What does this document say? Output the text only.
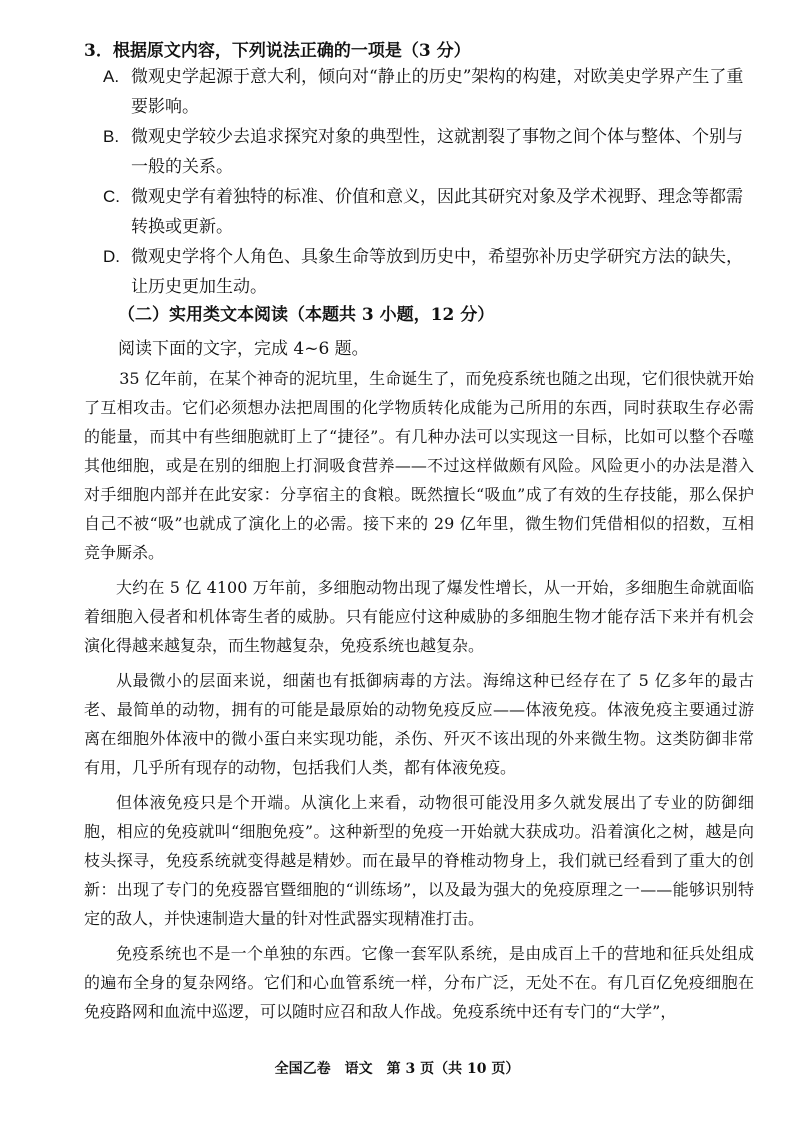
3．根据原文内容，下列说法正确的一项是（3 分）
A. 微观史学起源于意大利，倾向对“静止的历史”架构的构建，对欧美史学界产生了重要影响。
B. 微观史学较少去追求探究对象的典型性，这就割裂了事物之间个体与整体、个别与一般的关系。
C. 微观史学有着独特的标准、价值和意义，因此其研究对象及学术视野、理念等都需转换或更新。
D. 微观史学将个人角色、具象生命等放到历史中，希望弥补历史学研究方法的缺失，让历史更加生动。
（二）实用类文本阅读（本题共 3 小题，12 分）
阅读下面的文字，完成 4~6 题。

35 亿年前，在某个神奇的泥坑里，生命诞生了，而免疫系统也随之出现，它们很快就开始了互相攻击。它们必须想办法把周围的化学物质转化成能为己所用的东西，同时获取生存必需的能量，而其中有些细胞就盯上了“捷径”。有几种办法可以实现这一目标，比如可以整个吞噬其他细胞，或是在别的细胞上打洞吸食营养——不过这样做颇有风险。风险更小的办法是潜入对手细胞内部并在此安家：分享宿主的食粮。既然擅长“吸血”成了有效的生存技能，那么保护自己不被“吸”也就成了演化上的必需。接下来的 29 亿年里，微生物们凭借相似的招数，互相竞争厮杀。

大约在 5 亿 4100 万年前，多细胞动物出现了爆发性增长，从一开始，多细胞生命就面临着细胞入侵者和机体寄生者的威胁。只有能应付这种威胁的多细胞生物才能存活下来并有机会演化得越来越复杂，而生物越复杂，免疫系统也越复杂。

从最微小的层面来说，细菌也有抵御病毒的方法。海绵这种已经存在了 5 亿多年的最古老、最简单的动物，拥有的可能是最原始的动物免疫反应——体液免疫。体液免疫主要通过游离在细胞外体液中的微小蛋白来实现功能，杀伤、歼灭不该出现的外来微生物。这类防御非常有用，几乎所有现存的动物，包括我们人类，都有体液免疫。

但体液免疫只是个开端。从演化上来看，动物很可能没用多久就发展出了专业的防御细胞，相应的免疫就叫“细胞免疫”。这种新型的免疫一开始就大获成功。沿着演化之树，越是向枝头探寻，免疫系统就变得越是精妙。而在最早的脊椎动物身上，我们就已经看到了重大的创新：出现了专门的免疫器官暨细胞的“训练场”，以及最为强大的免疫原理之一——能够识别特定的敌人，并快速制造大量的针对性武器实现精准打击。

免疫系统也不是一个单独的东西。它像一套军队系统，是由成百上千的营地和征兵处组成的遍布全身的复杂网络。它们和心血管系统一样，分布广泛，无处不在。有几百亿免疫细胞在免疫路网和血流中巡逻，可以随时应召和敌人作战。免疫系统中还有专门的“大学”，

全国乙卷　语文　第 3 页（共 10 页）
